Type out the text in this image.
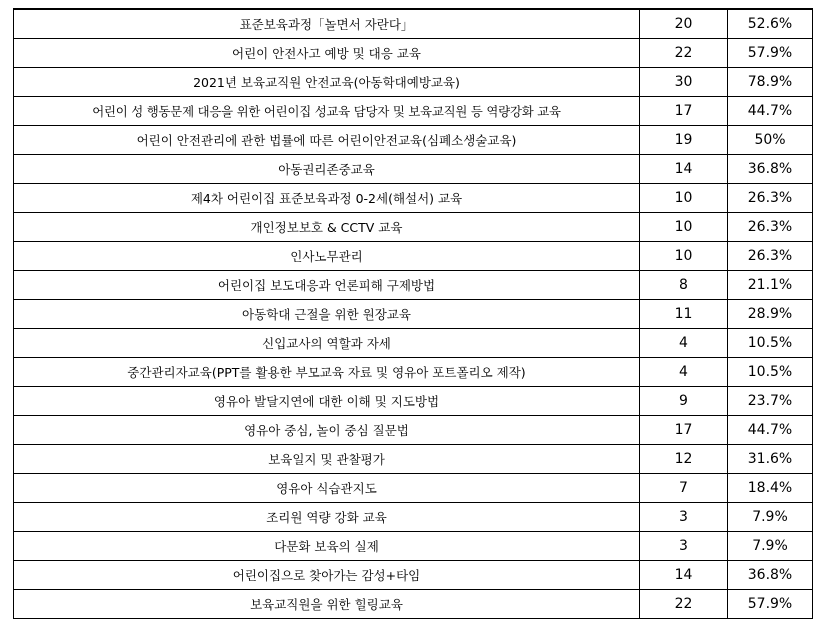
표준보육과정「놀면서 자란다」	20	52.6%
어린이 안전사고 예방 및 대응 교육	22	57.9%
2021년 보육교직원 안전교육(아동학대예방교육)	30	78.9%
어린이 성 행동문제 대응을 위한 어린이집 성교육 담당자 및 보육교직원 등 역량강화 교육	17	44.7%
어린이 안전관리에 관한 법률에 따른 어린이안전교육(심폐소생술교육)	19	50%
아동권리존중교육	14	36.8%
제4차 어린이집 표준보육과정 0-2세(해설서) 교육	10	26.3%
개인정보보호 & CCTV 교육	10	26.3%
인사노무관리	10	26.3%
어린이집 보도대응과 언론피해 구제방법	8	21.1%
아동학대 근절을 위한 원장교육	11	28.9%
신입교사의 역할과 자세	4	10.5%
중간관리자교육(PPT를 활용한 부모교육 자료 및 영유아 포트폴리오 제작)	4	10.5%
영유아 발달지연에 대한 이해 및 지도방법	9	23.7%
영유아 중심, 놀이 중심 질문법	17	44.7%
보육일지 및 관찰평가	12	31.6%
영유아 식습관지도	7	18.4%
조리원 역량 강화 교육	3	7.9%
다문화 보육의 실제	3	7.9%
어린이집으로 찾아가는 감성+타임	14	36.8%
보육교직원을 위한 힐링교육	22	57.9%
